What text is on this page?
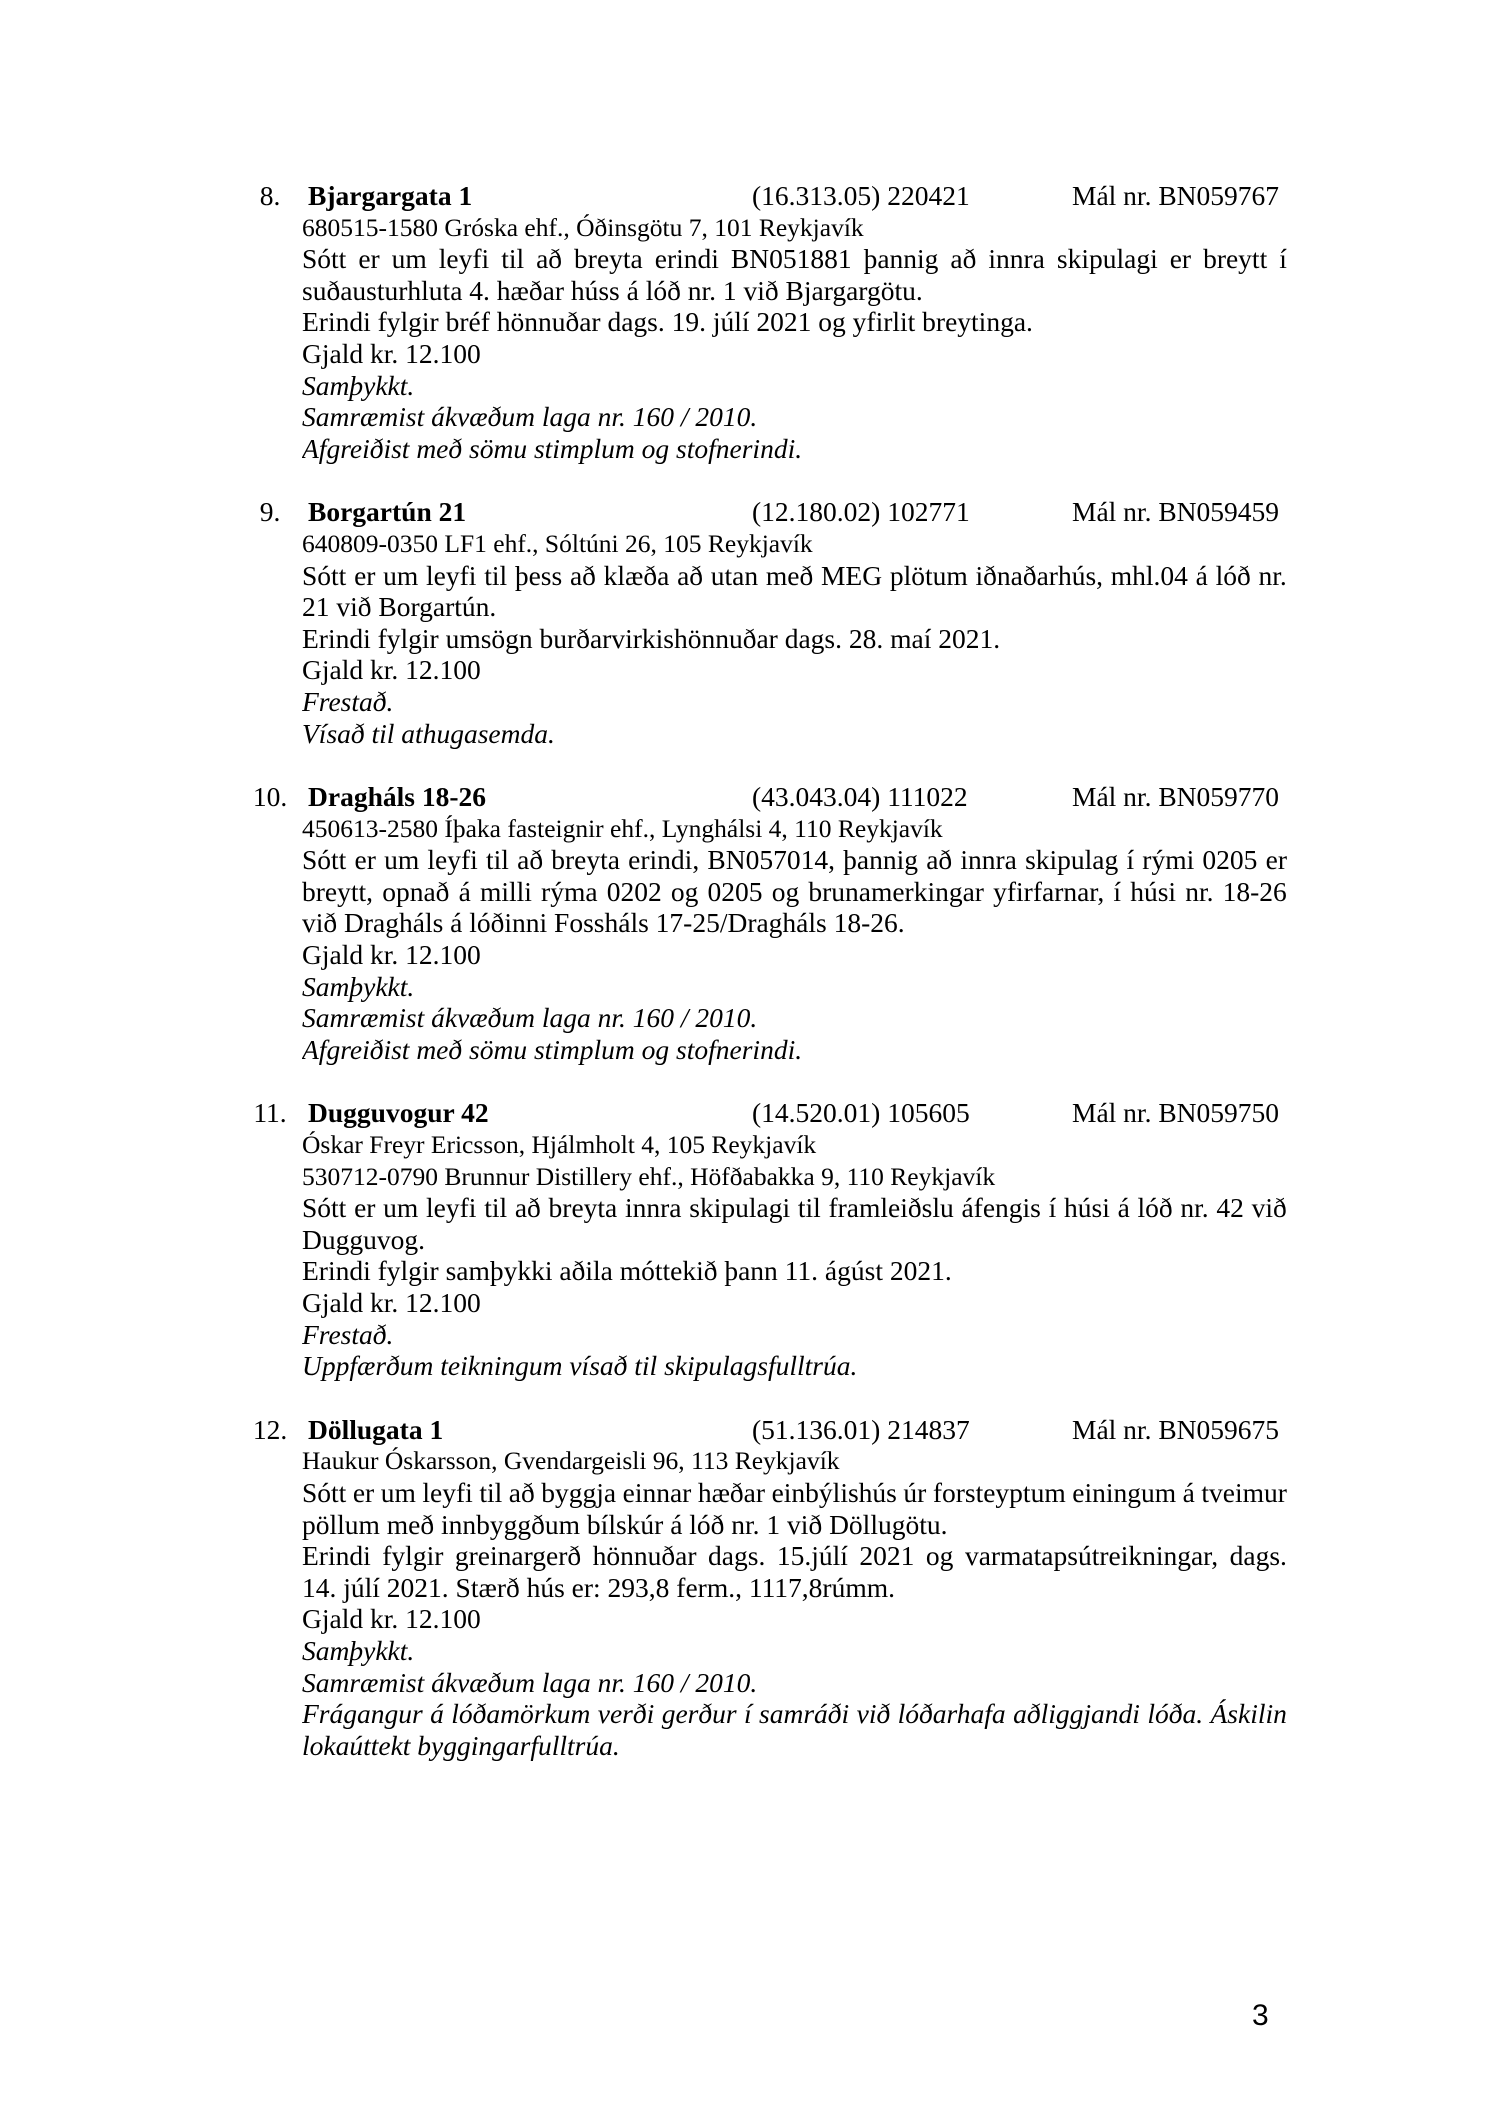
8.	Bjargargata 1	(16.313.05) 220421	Mál nr. BN059767
680515-1580 Gróska ehf., Óðinsgötu 7, 101 Reykjavík
Sótt er um leyfi til að breyta erindi BN051881 þannig að innra skipulagi er breytt í
suðausturhluta 4. hæðar húss á lóð nr. 1 við Bjargargötu.
Erindi fylgir bréf hönnuðar dags. 19. júlí 2021 og yfirlit breytinga.
Gjald kr. 12.100
Samþykkt.
Samræmist ákvæðum laga nr. 160 / 2010.
Afgreiðist með sömu stimplum og stofnerindi.
9.	Borgartún 21	(12.180.02) 102771	Mál nr. BN059459
640809-0350 LF1 ehf., Sóltúni 26, 105 Reykjavík
Sótt er um leyfi til þess að klæða að utan með MEG plötum iðnaðarhús, mhl.04 á lóð nr.
21 við Borgartún.
Erindi fylgir umsögn burðarvirkishönnuðar dags. 28. maí 2021.
Gjald kr. 12.100
Frestað.
Vísað til athugasemda.
10. Dragháls 18-26	(43.043.04) 111022	Mál nr. BN059770
450613-2580 Íþaka fasteignir ehf., Lynghálsi 4, 110 Reykjavík
Sótt er um leyfi til að breyta erindi, BN057014, þannig að innra skipulag í rými 0205 er
breytt, opnað á milli rýma 0202 og 0205 og brunamerkingar yfirfarnar, í húsi nr. 18-26
við Dragháls á lóðinni Fossháls 17-25/Dragháls 18-26.
Gjald kr. 12.100
Samþykkt.
Samræmist ákvæðum laga nr. 160 / 2010.
Afgreiðist með sömu stimplum og stofnerindi.
11. Dugguvogur 42	(14.520.01) 105605	Mál nr. BN059750
Óskar Freyr Ericsson, Hjálmholt 4, 105 Reykjavík
530712-0790 Brunnur Distillery ehf., Höfðabakka 9, 110 Reykjavík
Sótt er um leyfi til að breyta innra skipulagi til framleiðslu áfengis í húsi á lóð nr. 42 við
Dugguvog.
Erindi fylgir samþykki aðila móttekið þann 11. ágúst 2021.
Gjald kr. 12.100
Frestað.
Uppfærðum teikningum vísað til skipulagsfulltrúa.
12. Döllugata 1	(51.136.01) 214837	Mál nr. BN059675
Haukur Óskarsson, Gvendargeisli 96, 113 Reykjavík
Sótt er um leyfi til að byggja einnar hæðar einbýlishús úr forsteyptum einingum á tveimur
pöllum með innbyggðum bílskúr á lóð nr. 1 við Döllugötu.
Erindi fylgir greinargerð hönnuðar dags. 15.júlí 2021 og varmatapsútreikningar, dags.
14. júlí 2021. Stærð hús er: 293,8 ferm., 1117,8rúmm.
Gjald kr. 12.100
Samþykkt.
Samræmist ákvæðum laga nr. 160 / 2010.
Frágangur á lóðamörkum verði gerður í samráði við lóðarhafa aðliggjandi lóða. Áskilin
lokaúttekt byggingarfulltrúa.
3
